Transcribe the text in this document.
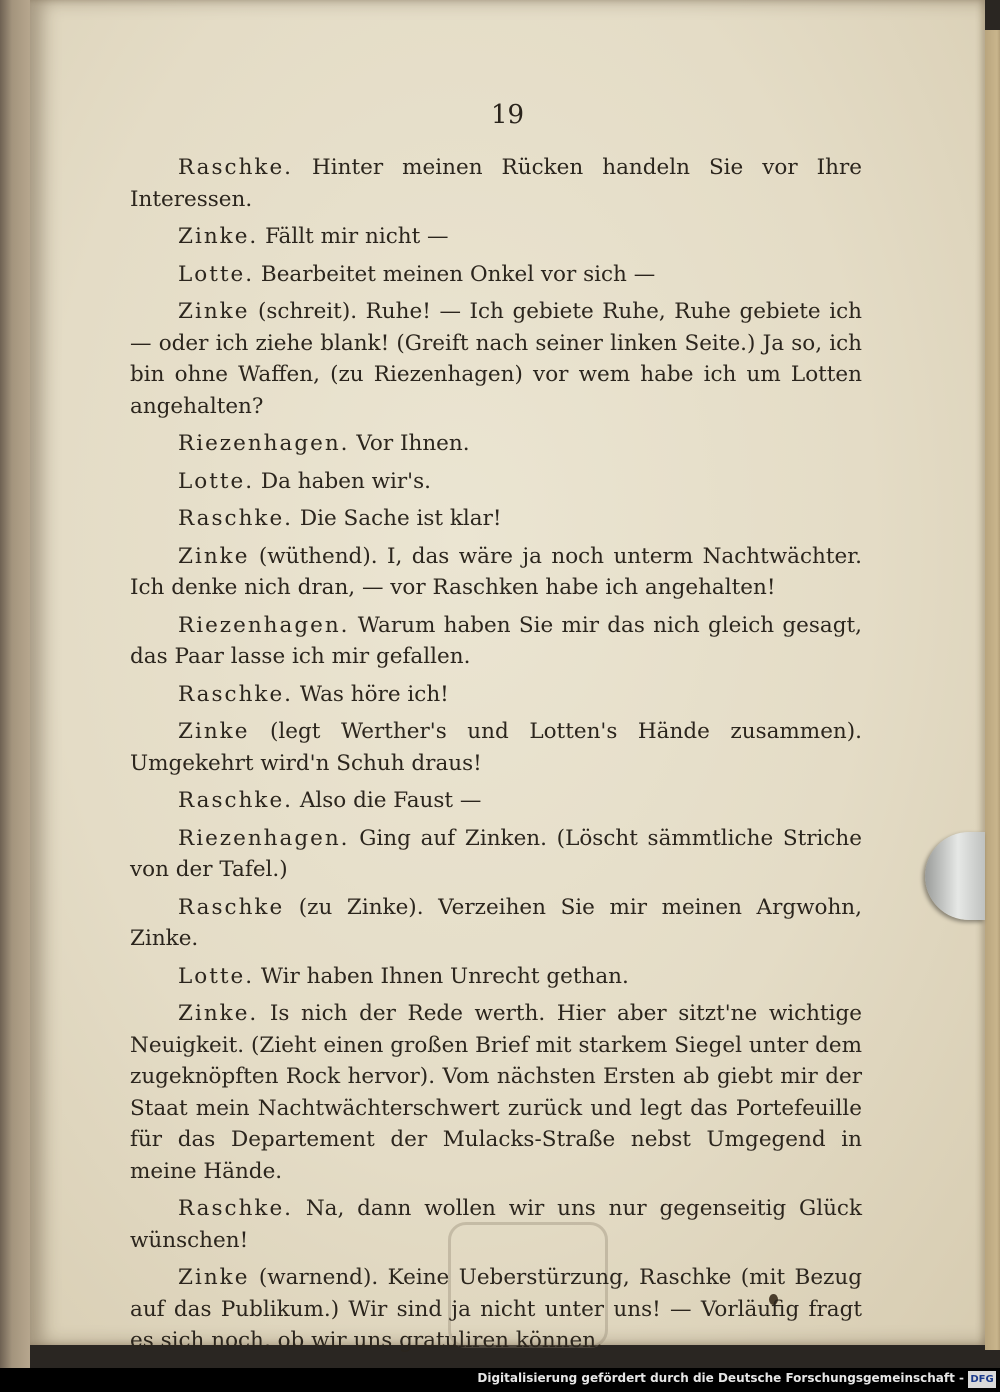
19

Raschke. Hinter meinen Rücken handeln Sie vor Ihre Interessen.

Zinke. Fällt mir nicht —

Lotte. Bearbeitet meinen Onkel vor sich —

Zinke (schreit). Ruhe! — Ich gebiete Ruhe, Ruhe gebiete ich — oder ich ziehe blank! (Greift nach seiner linken Seite.) Ja so, ich bin ohne Waffen, (zu Riezenhagen) vor wem habe ich um Lotten angehalten?

Riezenhagen. Vor Ihnen.

Lotte. Da haben wir's.

Raschke. Die Sache ist klar!

Zinke (wüthend). I, das wäre ja noch unterm Nachtwächter. Ich denke nich dran, — vor Raschken habe ich angehalten!

Riezenhagen. Warum haben Sie mir das nich gleich gesagt, das Paar lasse ich mir gefallen.

Raschke. Was höre ich!

Zinke (legt Werther's und Lotten's Hände zusammen). Umgekehrt wird'n Schuh draus!

Raschke. Also die Faust —

Riezenhagen. Ging auf Zinken. (Löscht sämmtliche Striche von der Tafel.)

Raschke (zu Zinke). Verzeihen Sie mir meinen Argwohn, Zinke.

Lotte. Wir haben Ihnen Unrecht gethan.

Zinke. Is nich der Rede werth. Hier aber sitzt'ne wichtige Neuigkeit. (Zieht einen großen Brief mit starkem Siegel unter dem zugeknöpften Rock hervor). Vom nächsten Ersten ab giebt mir der Staat mein Nachtwächterschwert zurück und legt das Portefeuille für das Departement der Mulacks-Straße nebst Umgegend in meine Hände.

Raschke. Na, dann wollen wir uns nur gegenseitig Glück wünschen!

Zinke (warnend). Keine Ueberstürzung, Raschke (mit Bezug auf das Publikum.) Wir sind ja nicht unter uns! — Vorläufig fragt es sich noch, ob wir uns gratuliren können.

Digitalisierung gefördert durch die Deutsche Forschungsgemeinschaft - DFG
